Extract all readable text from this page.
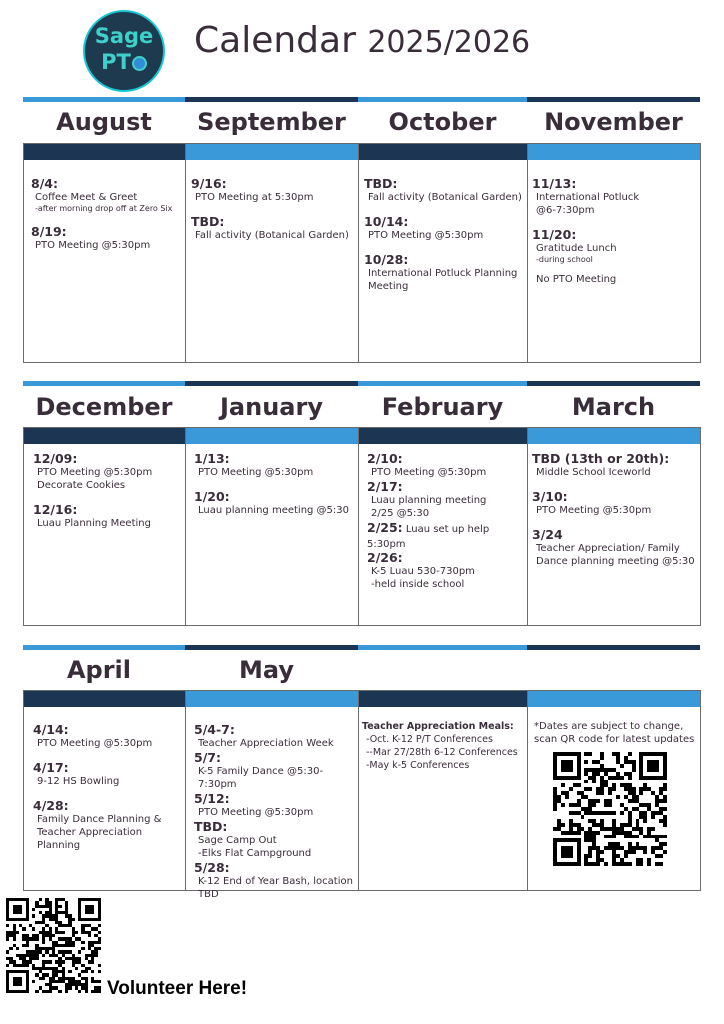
Sage
PT
Calendar 2025/2026
August
8/4:
Coffee Meet & Greet
-after morning drop off at Zero Six
8/19:
PTO Meeting @5:30pm
September
9/16:
PTO Meeting at 5:30pm
TBD:
Fall activity (Botanical Garden)
October
TBD:
Fall activity (Botanical Garden)
10/14:
PTO Meeting @5:30pm
10/28:
International Potluck Planning
Meeting
November
11/13:
International Potluck
@6-7:30pm
11/20:
Gratitude Lunch
-during school
No PTO Meeting
December
12/09:
PTO Meeting @5:30pm
Decorate Cookies
12/16:
Luau Planning Meeting
January
1/13:
PTO Meeting @5:30pm
1/20:
Luau planning meeting @5:30
February
2/10:
PTO Meeting @5:30pm
2/17:
Luau planning meeting
2/25 @5:30
2/25: Luau set up help 5:30pm
2/26:
K-5 Luau 530-730pm
-held inside school
March
TBD (13th or 20th):
Middle School Iceworld
3/10:
PTO Meeting @5:30pm
3/24
Teacher Appreciation/ Family
Dance planning meeting @5:30
April
4/14:
PTO Meeting @5:30pm
4/17:
9-12 HS Bowling
4/28:
Family Dance Planning &
Teacher Appreciation
Planning
May
5/4-7:
Teacher Appreciation Week
5/7:
K-5 Family Dance @5:30-7:30pm
5/12:
PTO Meeting @5:30pm
TBD:
Sage Camp Out
-Elks Flat Campground
5/28:
K-12 End of Year Bash, location
TBD
Teacher Appreciation Meals:
-Oct. K-12 P/T Conferences
--Mar 27/28th 6-12 Conferences
-May k-5 Conferences
*Dates are subject to change,
scan QR code for latest updates
Volunteer Here!
